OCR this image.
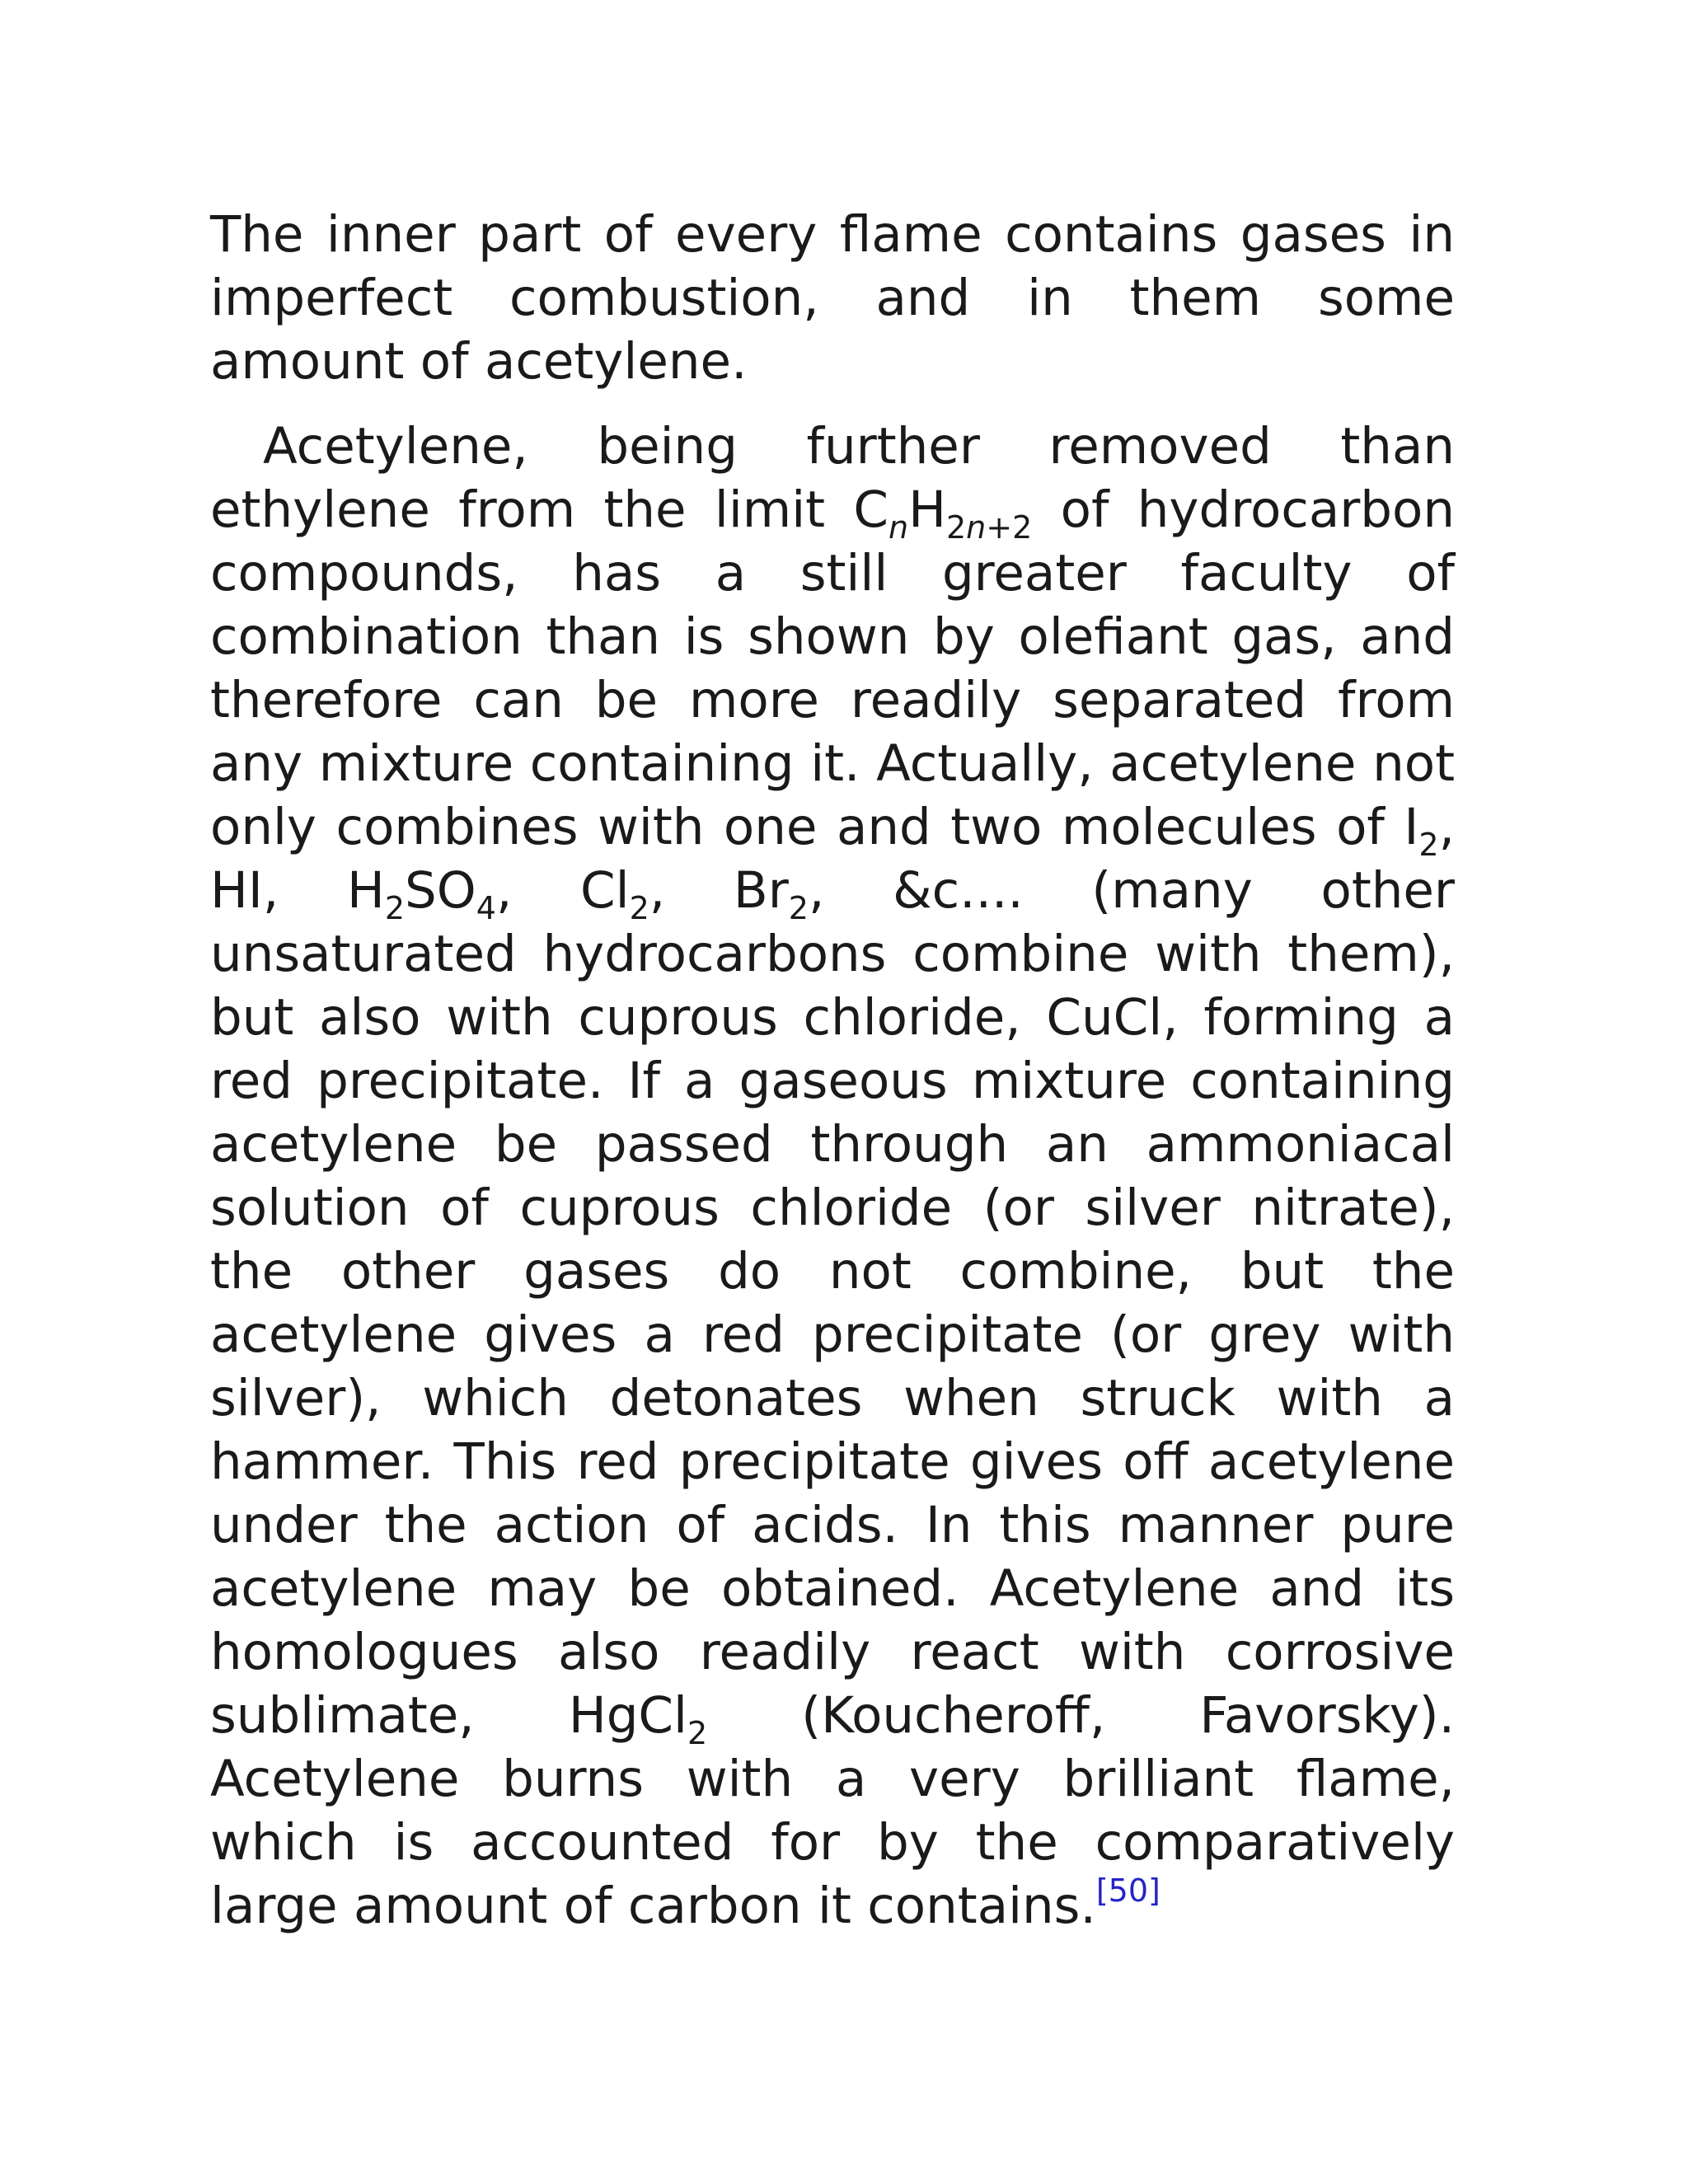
The inner part of every flame contains gases in imperfect combustion, and in them some amount of acetylene.

Acetylene, being further removed than ethylene from the limit $C_nH_{2n+2}$ of hydrocarbon compounds, has a still greater faculty of combination than is shown by olefiant gas, and therefore can be more readily separated from any mixture containing it. Actually, acetylene not only combines with one and two molecules of $I_2$, HI, $H_2SO_4$, $Cl_2$, $Br_2$, &c.... (many other unsaturated hydrocarbons combine with them), but also with cuprous chloride, CuCl, forming a red precipitate. If a gaseous mixture containing acetylene be passed through an ammoniacal solution of cuprous chloride (or silver nitrate), the other gases do not combine, but the acetylene gives a red precipitate (or grey with silver), which detonates when struck with a hammer. This red precipitate gives off acetylene under the action of acids. In this manner pure acetylene may be obtained. Acetylene and its homologues also readily react with corrosive sublimate, HgCl$_2$ (Koucheroff, Favorsky). Acetylene burns with a very brilliant flame, which is accounted for by the comparatively large amount of carbon it contains.[50]
